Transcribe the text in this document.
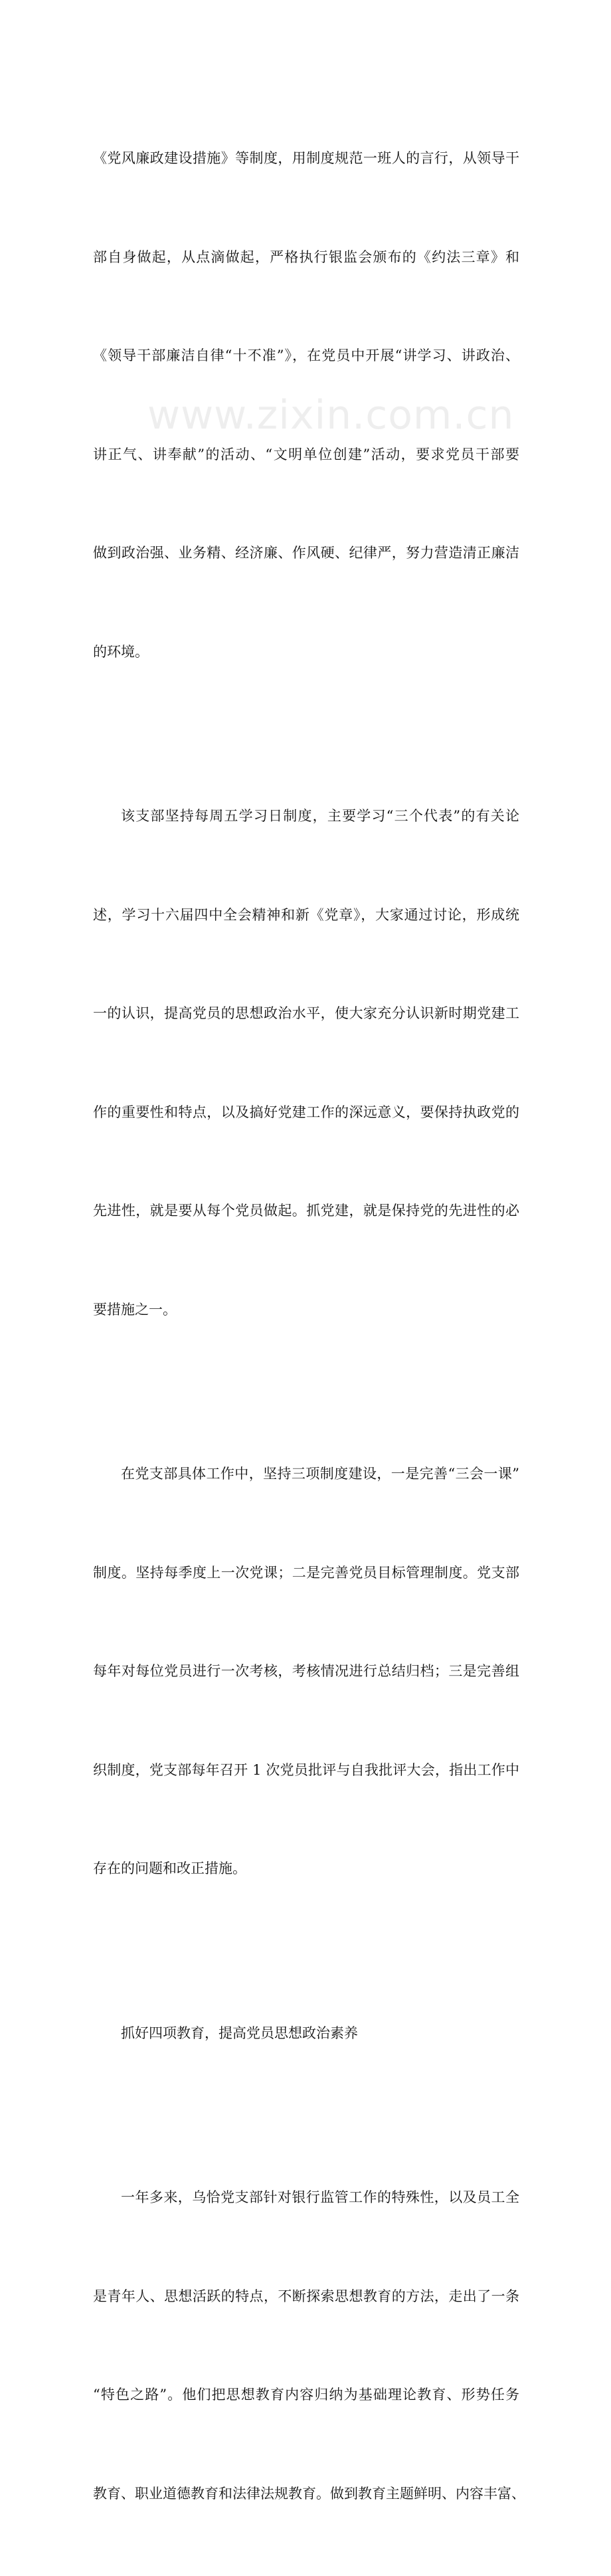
《党风廉政建设措施》等制度，用制度规范一班人的言行，从领导干

部自身做起，从点滴做起，严格执行银监会颁布的《约法三章》和

《领导干部廉洁自律“十不准”》，在党员中开展“讲学习、讲政治、

讲正气、讲奉献”的活动、“文明单位创建”活动，要求党员干部要

做到政治强、业务精、经济廉、作风硬、纪律严，努力营造清正廉洁

的环境。

该支部坚持每周五学习日制度，主要学习“三个代表”的有关论

述，学习十六届四中全会精神和新《党章》，大家通过讨论，形成统

一的认识，提高党员的思想政治水平，使大家充分认识新时期党建工

作的重要性和特点，以及搞好党建工作的深远意义，要保持执政党的

先进性，就是要从每个党员做起。抓党建，就是保持党的先进性的必

要措施之一。

在党支部具体工作中，坚持三项制度建设，一是完善“三会一课”

制度。坚持每季度上一次党课；二是完善党员目标管理制度。党支部

每年对每位党员进行一次考核，考核情况进行总结归档；三是完善组

织制度，党支部每年召开 1 次党员批评与自我批评大会，指出工作中

存在的问题和改正措施。

抓好四项教育，提高党员思想政治素养

一年多来，乌恰党支部针对银行监管工作的特殊性，以及员工全

是青年人、思想活跃的特点，不断探索思想教育的方法，走出了一条

“特色之路”。他们把思想教育内容归纳为基础理论教育、形势任务

教育、职业道德教育和法律法规教育。做到教育主题鲜明、内容丰富、

www.zixin.com.cn
